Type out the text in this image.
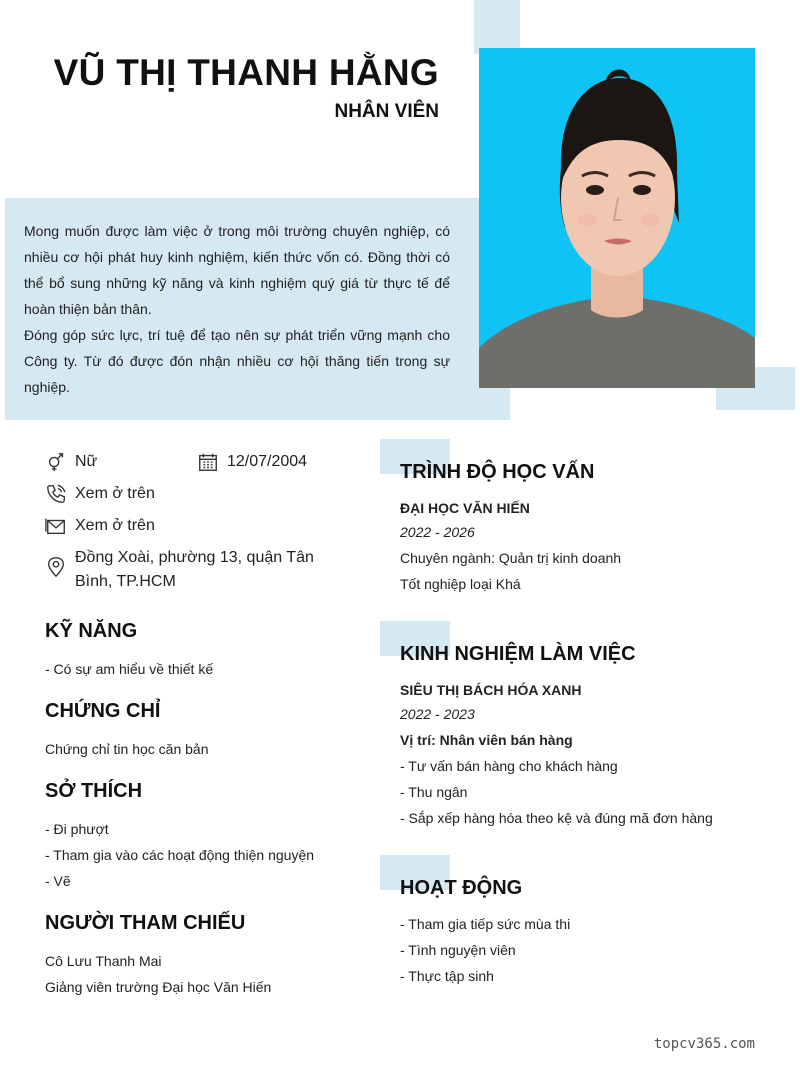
VŨ THỊ THANH HẰNG
NHÂN VIÊN

Mong muốn được làm việc ở trong môi trường chuyên nghiệp, có nhiều cơ hội phát huy kinh nghiệm, kiến thức vốn có. Đồng thời có thể bổ sung những kỹ năng và kinh nghiệm quý giá từ thực tế để hoàn thiện bản thân.

Đóng góp sức lực, trí tuệ để tạo nên sự phát triển vững mạnh cho Công ty. Từ đó được đón nhận nhiều cơ hội thăng tiến trong sự nghiệp.

Nữ	12/07/2004
Xem ở trên
Xem ở trên
Đồng Xoài, phường 13, quận Tân Bình, TP.HCM
KỸ NĂNG
- Có sự am hiểu về thiết kế
CHỨNG CHỈ
Chứng chỉ tin học căn bản
SỞ THÍCH
- Đi phượt
- Tham gia vào các hoạt động thiện nguyện
- Vẽ
NGƯỜI THAM CHIẾU
Cô Lưu Thanh Mai
Giảng viên trường Đại học Văn Hiến
TRÌNH ĐỘ HỌC VẤN
ĐẠI HỌC VĂN HIẾN
2022 - 2026
Chuyên ngành: Quản trị kinh doanh
Tốt nghiệp loại Khá
KINH NGHIỆM LÀM VIỆC
SIÊU THỊ BÁCH HÓA XANH
2022 - 2023
Vị trí: Nhân viên bán hàng
- Tư vấn bán hàng cho khách hàng
- Thu ngân
- Sắp xếp hàng hóa theo kệ và đúng mã đơn hàng
HOẠT ĐỘNG
- Tham gia tiếp sức mùa thi
- Tình nguyện viên
- Thực tập sinh
topcv365.com
